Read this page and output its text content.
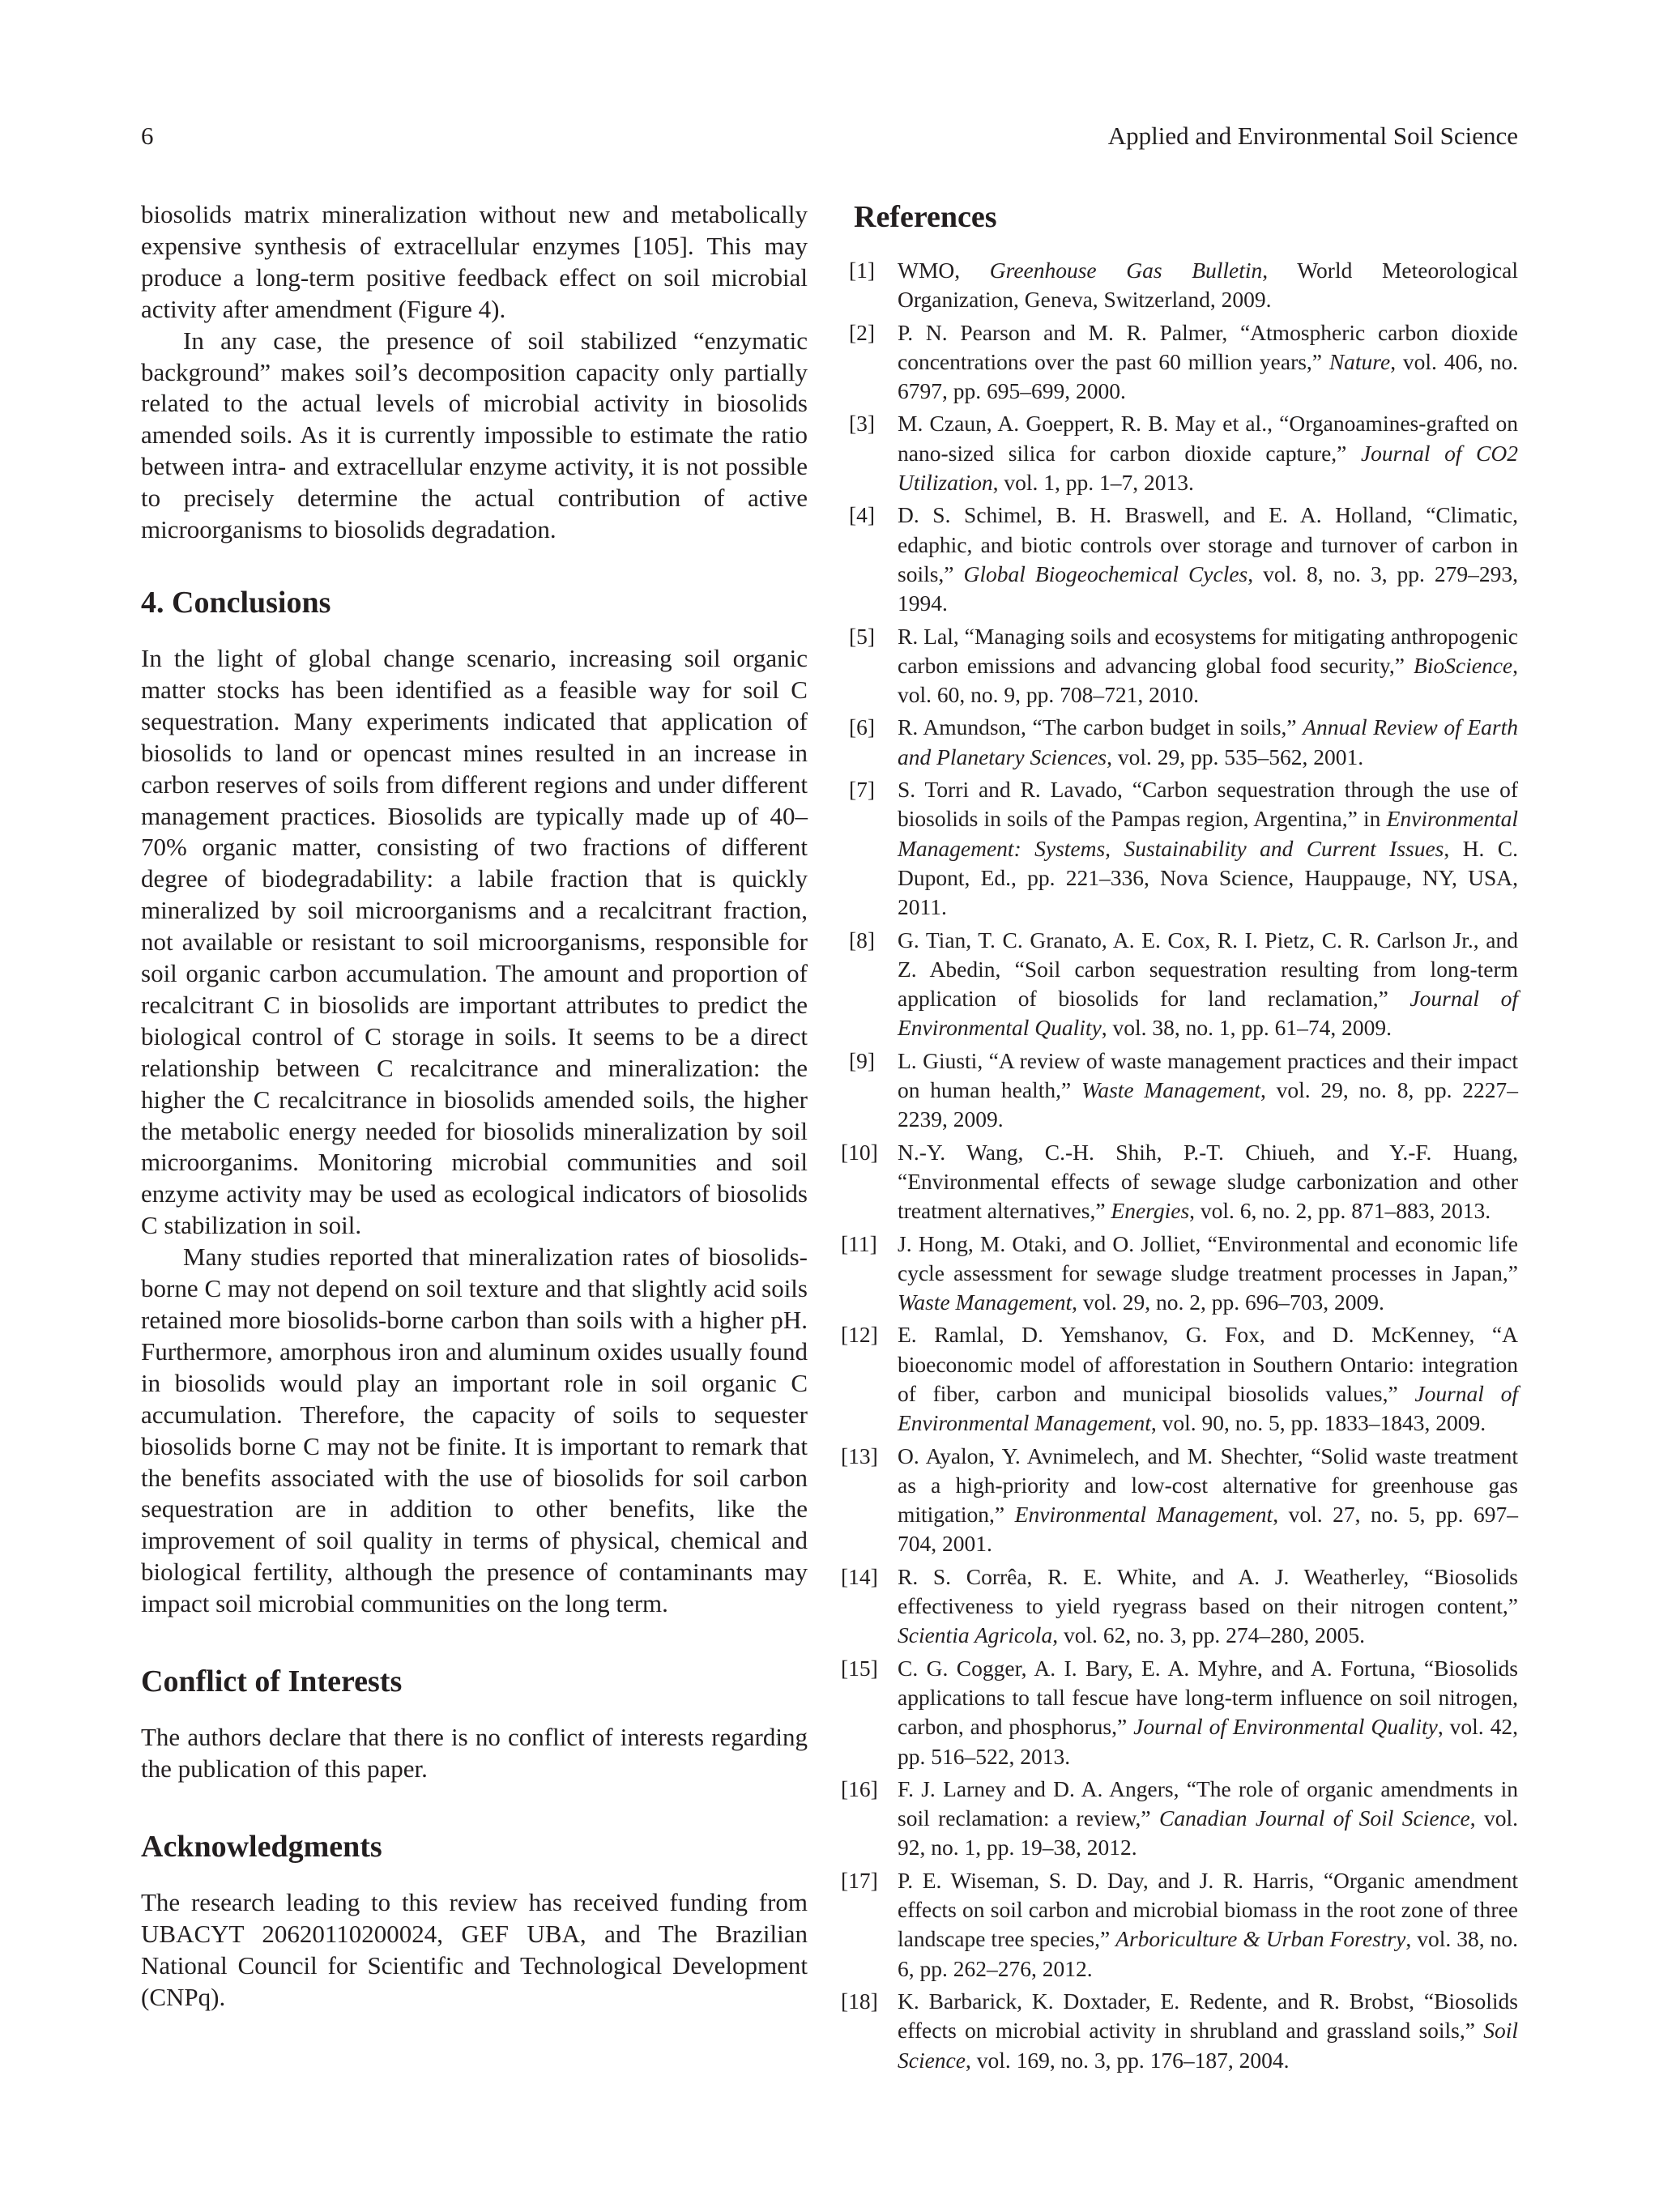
6	Applied and Environmental Soil Science

biosolids matrix mineralization without new and metabolically expensive synthesis of extracellular enzymes [105]. This may produce a long-term positive feedback effect on soil microbial activity after amendment (Figure 4).

In any case, the presence of soil stabilized “enzymatic background” makes soil’s decomposition capacity only partially related to the actual levels of microbial activity in biosolids amended soils. As it is currently impossible to estimate the ratio between intra- and extracellular enzyme activity, it is not possible to precisely determine the actual contribution of active microorganisms to biosolids degradation.

4. Conclusions

In the light of global change scenario, increasing soil organic matter stocks has been identified as a feasible way for soil C sequestration. Many experiments indicated that application of biosolids to land or opencast mines resulted in an increase in carbon reserves of soils from different regions and under different management practices. Biosolids are typically made up of 40–70% organic matter, consisting of two fractions of different degree of biodegradability: a labile fraction that is quickly mineralized by soil microorganisms and a recalcitrant fraction, not available or resistant to soil microorganisms, responsible for soil organic carbon accumulation. The amount and proportion of recalcitrant C in biosolids are important attributes to predict the biological control of C storage in soils. It seems to be a direct relationship between C recalcitrance and mineralization: the higher the C recalcitrance in biosolids amended soils, the higher the metabolic energy needed for biosolids mineralization by soil microorganims. Monitoring microbial communities and soil enzyme activity may be used as ecological indicators of biosolids C stabilization in soil.

Many studies reported that mineralization rates of biosolids-borne C may not depend on soil texture and that slightly acid soils retained more biosolids-borne carbon than soils with a higher pH. Furthermore, amorphous iron and aluminum oxides usually found in biosolids would play an important role in soil organic C accumulation. Therefore, the capacity of soils to sequester biosolids borne C may not be finite. It is important to remark that the benefits associated with the use of biosolids for soil carbon sequestration are in addition to other benefits, like the improvement of soil quality in terms of physical, chemical and biological fertility, although the presence of contaminants may impact soil microbial communities on the long term.

Conflict of Interests

The authors declare that there is no conflict of interests regarding the publication of this paper.

Acknowledgments

The research leading to this review has received funding from UBACYT 20620110200024, GEF UBA, and The Brazilian National Council for Scientific and Technological Development (CNPq).

References
[1]	WMO, Greenhouse Gas Bulletin, World Meteorological Organization, Geneva, Switzerland, 2009.
[2]	P. N. Pearson and M. R. Palmer, “Atmospheric carbon dioxide concentrations over the past 60 million years,” Nature, vol. 406, no. 6797, pp. 695–699, 2000.
[3]	M. Czaun, A. Goeppert, R. B. May et al., “Organoamines-grafted on nano-sized silica for carbon dioxide capture,” Journal of CO2 Utilization, vol. 1, pp. 1–7, 2013.
[4]	D. S. Schimel, B. H. Braswell, and E. A. Holland, “Climatic, edaphic, and biotic controls over storage and turnover of carbon in soils,” Global Biogeochemical Cycles, vol. 8, no. 3, pp. 279–293, 1994.
[5]	R. Lal, “Managing soils and ecosystems for mitigating anthropogenic carbon emissions and advancing global food security,” BioScience, vol. 60, no. 9, pp. 708–721, 2010.
[6]	R. Amundson, “The carbon budget in soils,” Annual Review of Earth and Planetary Sciences, vol. 29, pp. 535–562, 2001.
[7]	S. Torri and R. Lavado, “Carbon sequestration through the use of biosolids in soils of the Pampas region, Argentina,” in Environmental Management: Systems, Sustainability and Current Issues, H. C. Dupont, Ed., pp. 221–336, Nova Science, Hauppauge, NY, USA, 2011.
[8]	G. Tian, T. C. Granato, A. E. Cox, R. I. Pietz, C. R. Carlson Jr., and Z. Abedin, “Soil carbon sequestration resulting from long-term application of biosolids for land reclamation,” Journal of Environmental Quality, vol. 38, no. 1, pp. 61–74, 2009.
[9]	L. Giusti, “A review of waste management practices and their impact on human health,” Waste Management, vol. 29, no. 8, pp. 2227–2239, 2009.
[10] N.-Y. Wang, C.-H. Shih, P.-T. Chiueh, and Y.-F. Huang, “Environmental effects of sewage sludge carbonization and other treatment alternatives,” Energies, vol. 6, no. 2, pp. 871–883, 2013.
[11] J. Hong, M. Otaki, and O. Jolliet, “Environmental and economic life cycle assessment for sewage sludge treatment processes in Japan,” Waste Management, vol. 29, no. 2, pp. 696–703, 2009.
[12] E. Ramlal, D. Yemshanov, G. Fox, and D. McKenney, “A bioeconomic model of afforestation in Southern Ontario: integration of fiber, carbon and municipal biosolids values,” Journal of Environmental Management, vol. 90, no. 5, pp. 1833–1843, 2009.
[13] O. Ayalon, Y. Avnimelech, and M. Shechter, “Solid waste treatment as a high-priority and low-cost alternative for greenhouse gas mitigation,” Environmental Management, vol. 27, no. 5, pp. 697–704, 2001.
[14] R. S. Corrêa, R. E. White, and A. J. Weatherley, “Biosolids effectiveness to yield ryegrass based on their nitrogen content,” Scientia Agricola, vol. 62, no. 3, pp. 274–280, 2005.
[15] C. G. Cogger, A. I. Bary, E. A. Myhre, and A. Fortuna, “Biosolids applications to tall fescue have long-term influence on soil nitrogen, carbon, and phosphorus,” Journal of Environmental Quality, vol. 42, pp. 516–522, 2013.
[16] F. J. Larney and D. A. Angers, “The role of organic amendments in soil reclamation: a review,” Canadian Journal of Soil Science, vol. 92, no. 1, pp. 19–38, 2012.
[17] P. E. Wiseman, S. D. Day, and J. R. Harris, “Organic amendment effects on soil carbon and microbial biomass in the root zone of three landscape tree species,” Arboriculture & Urban Forestry, vol. 38, no. 6, pp. 262–276, 2012.
[18] K. Barbarick, K. Doxtader, E. Redente, and R. Brobst, “Biosolids effects on microbial activity in shrubland and grassland soils,” Soil Science, vol. 169, no. 3, pp. 176–187, 2004.
